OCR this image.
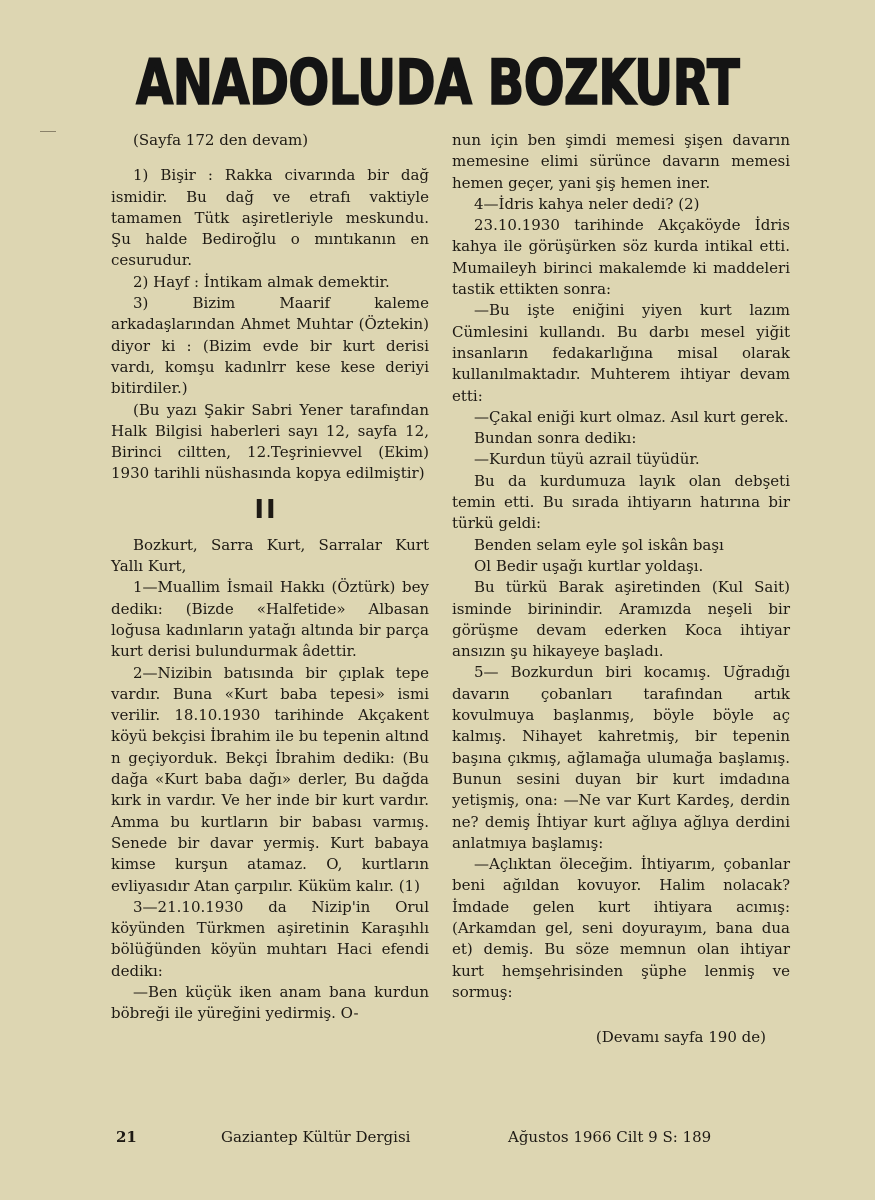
ANADOLUDA BOZKURT

(Sayfa 172 den devam)

1) Bişir : Rakka civarında bir dağ ismidir. Bu dağ ve etrafı vaktiyle tamamen Tütk aşiretleriyle meskundu. Şu halde Bediroğlu o mıntıkanın en cesurudur.

2) Hayf : İntikam almak demektir.

3) Bizim Maarif kaleme arkadaşlarından Ahmet Muhtar (Öztekin) diyor ki : (Bizim evde bir kurt derisi vardı, komşu kadınlrr kese kese deriyi bitirdiler.)

(Bu yazı Şakir Sabri Yener tarafından Halk Bilgisi haberleri sayı 12, sayfa 12, Birinci ciltten, 12.Teşrinievvel (Ekim) 1930 tarihli nüshasında kopya edilmiştir)

II

Bozkurt, Sarra Kurt, Sarralar Kurt Yallı Kurt,

1—Muallim İsmail Hakkı (Öztürk) bey dedikı: (Bizde «Halfetide» Albasan loğusa kadınların yatağı altında bir parça kurt derisi bulundurmak âdettir.

2—Nizibin batısında bir çıplak tepe vardır. Buna «Kurt baba tepesi» ismi verilir. 18.10.1930 tarihinde Akçakent köyü bekçisi İbrahim ile bu tepenin altınd n geçiyorduk. Bekçi İbrahim dedikı: (Bu dağa «Kurt baba dağı» derler, Bu dağda kırk in vardır. Ve her inde bir kurt vardır. Amma bu kurtların bir babası varmış. Senede bir davar yermiş. Kurt babaya kimse kurşun atamaz. O, kurtların evliyasıdır Atan çarpılır. Küküm kalır. (1)

3—21.10.1930 da Nizip'in Orul köyünden Türkmen aşiretinin Karaşıhlı bölüğünden köyün muhtarı Haci efendi dedikı:

—Ben küçük iken anam bana kurdun böbreği ile yüreğini yedirmiş. O-

nun için ben şimdi memesi şişen davarın memesine elimi sürünce davarın memesi hemen geçer, yani şiş hemen iner.

4—İdris kahya neler dedi? (2)

23.10.1930 tarihinde Akçaköyde İdris kahya ile görüşürken söz kurda intikal etti. Mumaileyh birinci makalemde ki maddeleri tastik ettikten sonra:

—Bu işte eniğini yiyen kurt lazım Cümlesini kullandı. Bu darbı mesel yiğit insanların fedakarlığına misal olarak kullanılmaktadır. Muhterem ihtiyar devam etti:

—Çakal eniği kurt olmaz. Asıl kurt gerek.

Bundan sonra dedikı:

—Kurdun tüyü azrail tüyüdür.

Bu da kurdumuza layık olan debşeti temin etti. Bu sırada ihtiyarın hatırına bir türkü geldi:

Benden selam eyle şol iskân başı

Ol Bedir uşağı kurtlar yoldaşı.

Bu türkü Barak aşiretinden (Kul Sait) isminde birinindir. Aramızda neşeli bir görüşme devam ederken Koca ihtiyar ansızın şu hikayeye başladı.

5— Bozkurdun biri kocamış. Uğradığı davarın çobanları tarafından artık kovulmuya başlanmış, böyle böyle aç kalmış. Nihayet kahretmiş, bir tepenin başına çıkmış, ağlamağa ulumağa başlamış. Bunun sesini duyan bir kurt imdadına yetişmiş, ona: —Ne var Kurt Kardeş, derdin ne? demiş İhtiyar kurt ağlıya ağlıya derdini anlatmıya başlamış:

—Açlıktan öleceğim. İhtiyarım, çobanlar beni ağıldan kovuyor. Halim nolacak? İmdade gelen kurt ihtiyara acımış: (Arkamdan gel, seni doyurayım, bana dua et) demiş. Bu söze memnun olan ihtiyar kurt hemşehrisinden şüphe lenmiş ve sormuş:

(Devamı sayfa 190 de)

21	Gaziantep Kültür Dergisi	Ağustos 1966 Cilt 9 S: 189
